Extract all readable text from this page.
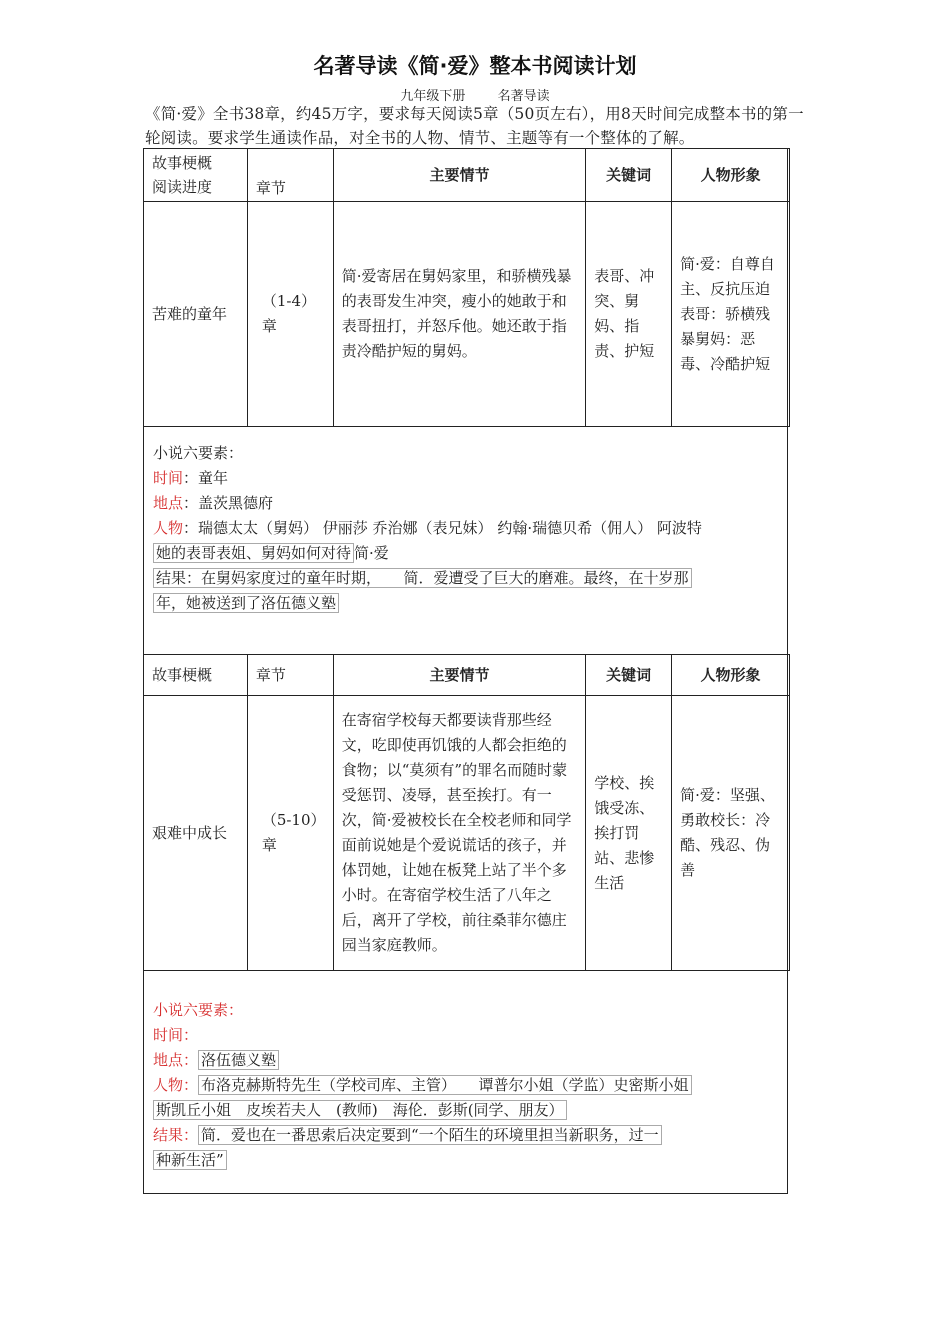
名著导读《简·爱》整本书阅读计划
九年级下册 名著导读
《简·爱》全书38章，约45万字，要求每天阅读5章（50页左右），用8天时间完成整本书的第一轮阅读。要求学生通读作品，对全书的人物、情节、主题等有一个整体的了解。
故事梗概
阅读进度	章节	主要情节	关键词	人物形象
苦难的童年	（1-4）章	简·爱寄居在舅妈家里，和骄横残暴的表哥发生冲突，瘦小的她敢于和表哥扭打，并怒斥他。她还敢于指责冷酷护短的舅妈。	表哥、冲突、舅妈、指责、护短	简·爱：自尊自主、反抗压迫表哥：骄横残暴舅妈：恶毒、冷酷护短
小说六要素：
时间：童年
地点：盖茨黑德府
人物：瑞德太太（舅妈） 伊丽莎 乔治娜（表兄妹） 约翰·瑞德贝希（佣人） 阿波特
她的表哥表姐、舅妈如何对待 简·爱
结果：在舅妈家度过的童年时期，　　简．爱遭受了巨大的磨难。最终，在十岁那
年，她被送到了洛伍德义塾
故事梗概	章节	主要情节	关键词	人物形象
艰难中成长	（5-10）章	在寄宿学校每天都要读背那些经文，吃即使再饥饿的人都会拒绝的食物；以“莫须有”的罪名而随时蒙受惩罚、凌辱，甚至挨打。有一次，简·爱被校长在全校老师和同学面前说她是个爱说谎话的孩子，并体罚她，让她在板凳上站了半个多小时。在寄宿学校生活了八年之后，离开了学校，前往桑菲尔德庄园当家庭教师。	学校、挨饿受冻、挨打罚站、悲惨生活	简·爱：坚强、勇敢校长：冷酷、残忍、伪善
小说六要素：
时间：
地点： 洛伍德义塾
人物： 布洛克赫斯特先生（学校司库、主管）　　谭普尔小姐（学监）史密斯小姐
斯凯丘小姐　皮埃若夫人　(教师)　海伦．彭斯(同学、朋友）
结果： 简．爱也在一番思索后决定要到“一个陌生的环境里担当新职务，过一
种新生活”
